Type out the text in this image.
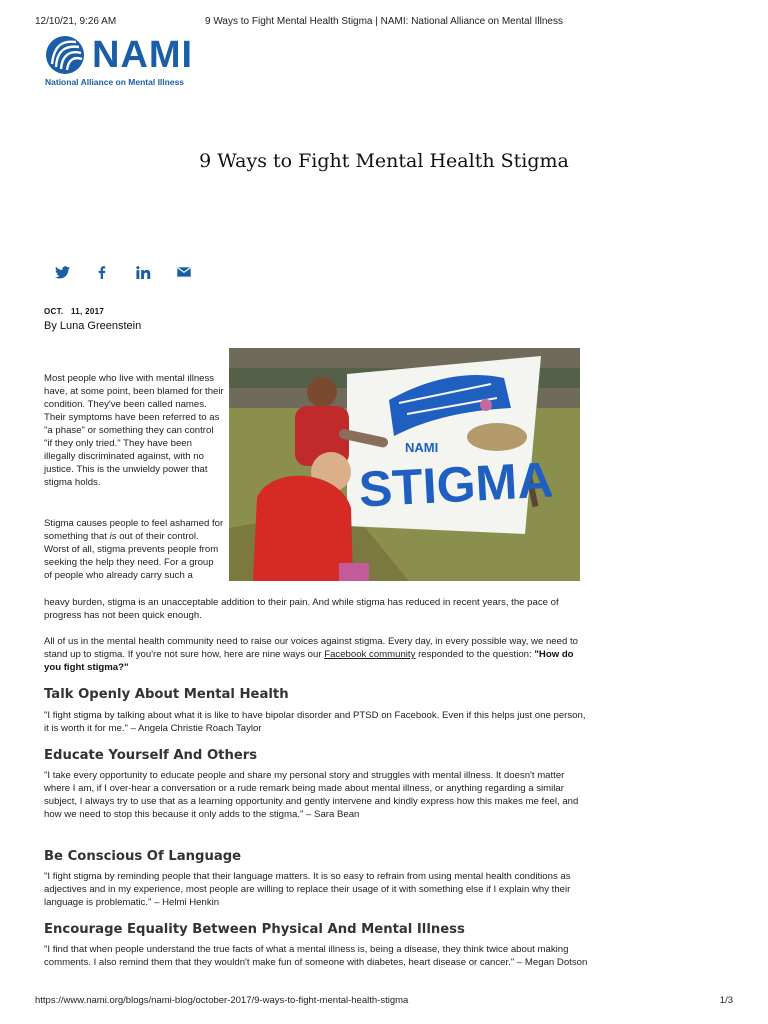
12/10/21, 9:26 AM	9 Ways to Fight Mental Health Stigma | NAMI: National Alliance on Mental Illness
NAMI
National Alliance on Mental Illness
9 Ways to Fight Mental Health Stigma
OCT.   11, 2017
By Luna Greenstein
NAMI
STIGMA
Most people who live with mental illness have, at some point, been blamed for their condition. They've been called names. Their symptoms have been referred to as "a phase" or something they can control "if they only tried." They have been illegally discriminated against, with no justice. This is the unwieldy power that stigma holds.
Stigma causes people to feel ashamed for something that is out of their control. Worst of all, stigma prevents people from seeking the help they need. For a group of people who already carry such a
heavy burden, stigma is an unacceptable addition to their pain. And while stigma has reduced in recent years, the pace of progress has not been quick enough.
All of us in the mental health community need to raise our voices against stigma. Every day, in every possible way, we need to stand up to stigma. If you're not sure how, here are nine ways our Facebook community responded to the question: "How do you fight stigma?"
Talk Openly About Mental Health
"I fight stigma by talking about what it is like to have bipolar disorder and PTSD on Facebook. Even if this helps just one person, it is worth it for me." – Angela Christie Roach Taylor
Educate Yourself And Others
"I take every opportunity to educate people and share my personal story and struggles with mental illness. It doesn't matter where I am, if I over-hear a conversation or a rude remark being made about mental illness, or anything regarding a similar subject, I always try to use that as a learning opportunity and gently intervene and kindly express how this makes me feel, and how we need to stop this because it only adds to the stigma." – Sara Bean
Be Conscious Of Language
"I fight stigma by reminding people that their language matters. It is so easy to refrain from using mental health conditions as adjectives and in my experience, most people are willing to replace their usage of it with something else if I explain why their language is problematic." – Helmi Henkin
Encourage Equality Between Physical And Mental Illness
"I find that when people understand the true facts of what a mental illness is, being a disease, they think twice about making comments. I also remind them that they wouldn't make fun of someone with diabetes, heart disease or cancer." – Megan Dotson
https://www.nami.org/blogs/nami-blog/october-2017/9-ways-to-fight-mental-health-stigma	1/3
